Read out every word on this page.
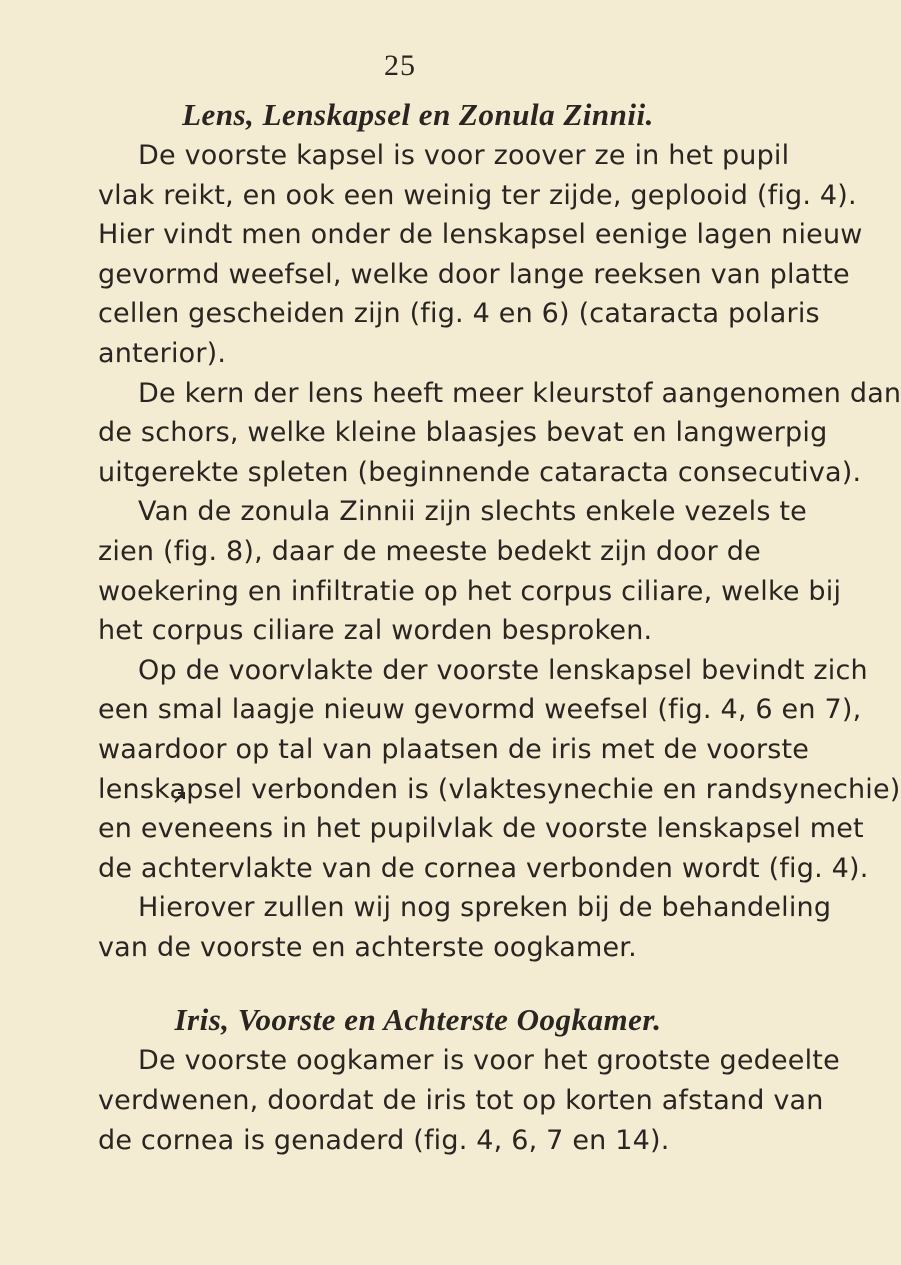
25
Lens, Lenskapsel en Zonula Zinnii.

De voorste kapsel is voor zoover ze in het pupil

vlak reikt, en ook een weinig ter zijde, geplooid (fig. 4).

Hier vindt men onder de lenskapsel eenige lagen nieuw

gevormd weefsel, welke door lange reeksen van platte

cellen gescheiden zijn (fig. 4 en 6) (cataracta polaris

anterior).

De kern der lens heeft meer kleurstof aangenomen dan

de schors, welke kleine blaasjes bevat en langwerpig

uitgerekte spleten (beginnende cataracta consecutiva).

Van de zonula Zinnii zijn slechts enkele vezels te

zien (fig. 8), daar de meeste bedekt zijn door de

woekering en infiltratie op het corpus ciliare, welke bij

het corpus ciliare zal worden besproken.

Op de voorvlakte der voorste lenskapsel bevindt zich

een smal laagje nieuw gevormd weefsel (fig. 4, 6 en 7),

waardoor op tal van plaatsen de iris met de voorste

lenskapsel verbonden is (vlaktesynechie en randsynechie)

en eveneens in het pupilvlak de voorste lenskapsel met

de achtervlakte van de cornea verbonden wordt (fig. 4).

Hierover zullen wij nog spreken bij de behandeling

van de voorste en achterste oogkamer.

Iris, Voorste en Achterste Oogkamer.

De voorste oogkamer is voor het grootste gedeelte

verdwenen, doordat de iris tot op korten afstand van

de cornea is genaderd (fig. 4, 6, 7 en 14).
